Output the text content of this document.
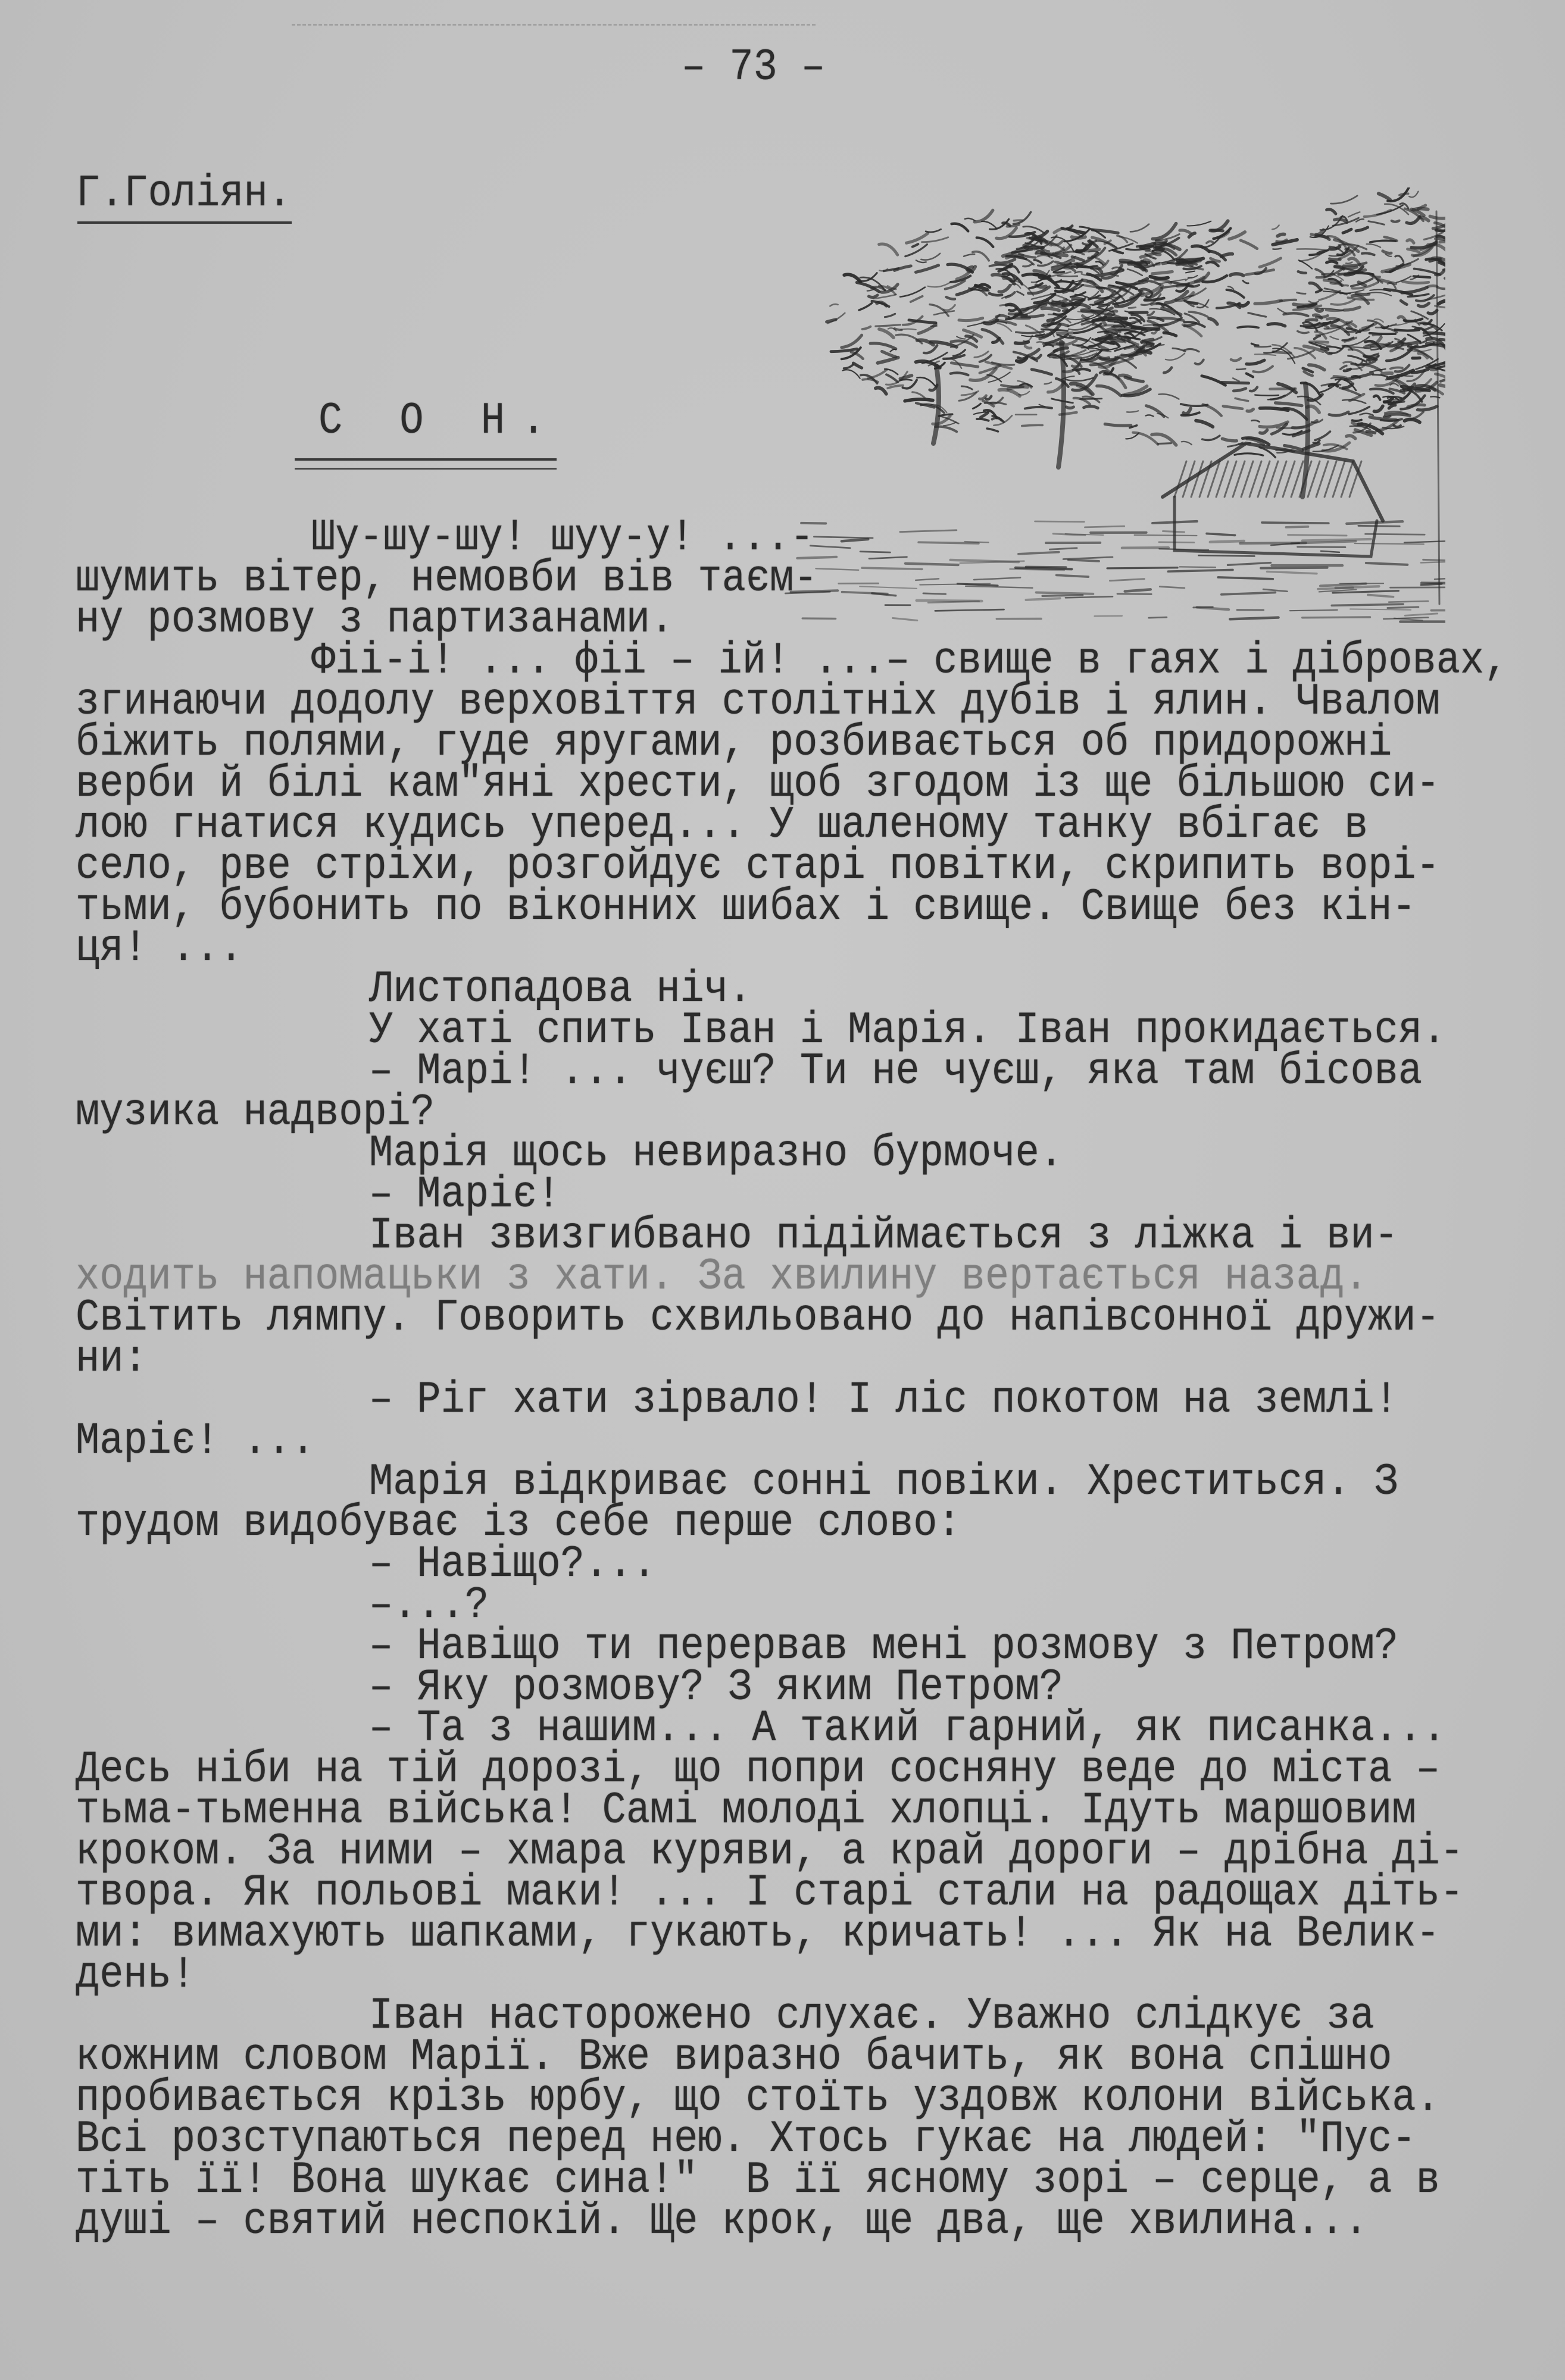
– 73 –
Г.Голіян.
С О Н.
Шу-шу-шу! шуу-у! ...-
шумить вітер, немовби вів таєм-
ну розмову з партизанами.
Фіі-і! ... фіі – ій! ...– свище в гаях і дібровах,
згинаючи додолу верховіття столітніх дубів і ялин. Чвалом
біжить полями, гуде яругами, розбивається об придорожні
верби й білі кам"яні хрести, щоб згодом із ще більшою си-
лою гнатися кудись уперед... У шаленому танку вбігає в
село, рве стріхи, розгойдує старі повітки, скрипить ворі-
тьми, бубонить по віконних шибах і свище. Свище без кін-
ця! ...
Листопадова ніч.
У хаті спить Іван і Марія. Іван прокидається.
– Марі! ... чуєш? Ти не чуєш, яка там бісова
музика надворі?
Марія щось невиразно бурмоче.
– Маріє!
Іван звизгибвано підіймається з ліжка і ви-
ходить напомацьки з хати. За хвилину вертається назад.
Світить лямпу. Говорить схвильовано до напівсонної дружи-
ни:
– Ріг хати зірвало! І ліс покотом на землі!
Маріє! ...
Марія відкриває сонні повіки. Хреститься. З
трудом видобуває із себе перше слово:
– Навіщо?...
–...?
– Навіщо ти перервав мені розмову з Петром?
– Яку розмову? З яким Петром?
– Та з нашим... А такий гарний, як писанка...
Десь ніби на тій дорозі, що попри сосняну веде до міста –
тьма-тьменна війська! Самі молоді хлопці. Ідуть маршовим
кроком. За ними – хмара куряви, а край дороги – дрібна ді-
твора. Як польові маки! ... І старі стали на радощах діть-
ми: вимахують шапками, гукають, кричать! ... Як на Велик-
день!
Іван насторожено слухає. Уважно слідкує за
кожним словом Марії. Вже виразно бачить, як вона спішно
пробивається крізь юрбу, що стоїть уздовж колони війська.
Всі розступаються перед нею. Хтось гукає на людей: "Пус-
тіть її! Вона шукає сина!"  В її ясному зорі – серце, а в
душі – святий неспокій. Ще крок, ще два, ще хвилина...
